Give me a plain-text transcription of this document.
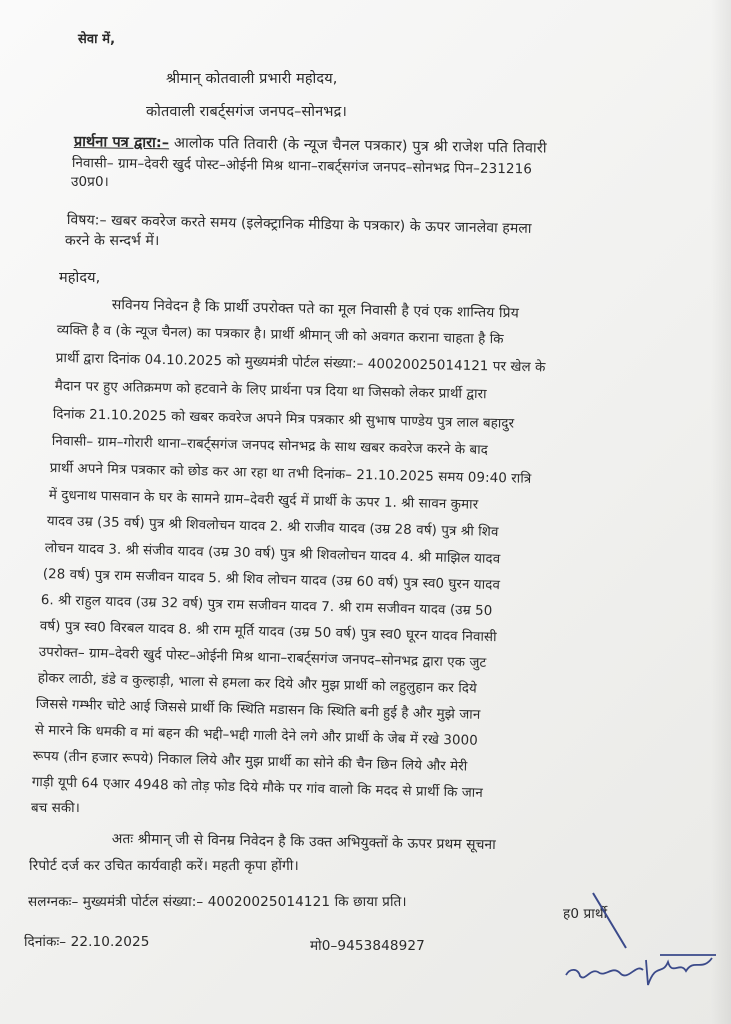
सेवा में,
श्रीमान् कोतवाली प्रभारी महोदय,
कोतवाली राबर्ट्सगंज जनपद–सोनभद्र।
प्रार्थना पत्र द्वारा:– आलोक पति तिवारी (के न्यूज चैनल पत्रकार) पुत्र श्री राजेश पति तिवारी
निवासी– ग्राम–देवरी खुर्द पोस्ट–ओईनी मिश्र थाना–राबर्ट्सगंज जनपद–सोनभद्र पिन–231216
उ0प्र0।
विषय:– खबर कवरेज करते समय (इलेक्ट्रानिक मीडिया के पत्रकार) के ऊपर जानलेवा हमला
करने के सन्दर्भ में।
महोदय,
सविनय निवेदन है कि प्रार्थी उपरोक्त पते का मूल निवासी है एवं एक शान्तिय प्रिय
व्यक्ति है व (के न्यूज चैनल) का पत्रकार है। प्रार्थी श्रीमान् जी को अवगत कराना चाहता है कि
प्रार्थी द्वारा दिनांक 04.10.2025 को मुख्यमंत्री पोर्टल संख्या:– 40020025014121 पर खेल के
मैदान पर हुए अतिक्रमण को हटवाने के लिए प्रार्थना पत्र दिया था जिसको लेकर प्रार्थी द्वारा
दिनांक 21.10.2025 को खबर कवरेज अपने मित्र पत्रकार श्री सुभाष पाण्डेय पुत्र लाल बहादुर
निवासी– ग्राम–गोरारी थाना–राबर्ट्सगंज जनपद सोनभद्र के साथ खबर कवरेज करने के बाद
प्रार्थी अपने मित्र पत्रकार को छोड कर आ रहा था तभी दिनांक– 21.10.2025 समय 09:40 रात्रि
में दुधनाथ पासवान के घर के सामने ग्राम–देवरी खुर्द में प्रार्थी के ऊपर 1. श्री सावन कुमार
यादव उम्र (35 वर्ष) पुत्र श्री शिवलोचन यादव 2. श्री राजीव यादव (उम्र 28 वर्ष) पुत्र श्री शिव
लोचन यादव 3. श्री संजीव यादव (उम्र 30 वर्ष) पुत्र श्री शिवलोचन यादव 4. श्री माझिल यादव
(28 वर्ष) पुत्र राम सजीवन यादव 5. श्री शिव लोचन यादव (उम्र 60 वर्ष) पुत्र स्व0 घुरन यादव
6. श्री राहुल यादव (उम्र 32 वर्ष) पुत्र राम सजीवन यादव 7. श्री राम सजीवन यादव (उम्र 50
वर्ष) पुत्र स्व0 विरबल यादव 8. श्री राम मूर्ति यादव (उम्र 50 वर्ष) पुत्र स्व0 घूरन यादव निवासी
उपरोक्त– ग्राम–देवरी खुर्द पोस्ट–ओईनी मिश्र थाना–राबर्ट्सगंज जनपद–सोनभद्र द्वारा एक जुट
होकर लाठी, डंडे व कुल्हाड़ी, भाला से हमला कर दिये और मुझ प्रार्थी को लहुलुहान कर दिये
जिससे गम्भीर चोटे आई जिससे प्रार्थी कि स्थिति मडासन कि स्थिति बनी हुई है और मुझे जान
से मारने कि धमकी व मां बहन की भद्दी–भद्दी गाली देने लगे और प्रार्थी के जेब में रखे 3000
रूपय (तीन हजार रूपये) निकाल लिये और मुझ प्रार्थी का सोने की चैन छिन लिये और मेरी
गाड़ी यूपी 64 एआर 4948 को तोड़ फोड दिये मौके पर गांव वालो कि मदद से प्रार्थी कि जान
बच सकी।
अतः श्रीमान् जी से विनम्र निवेदन है कि उक्त अभियुक्तों के ऊपर प्रथम सूचना
रिपोर्ट दर्ज कर उचित कार्यवाही करें। महती कृपा होंगी।
सलग्नकः– मुख्यमंत्री पोर्टल संख्या:– 40020025014121 कि छाया प्रति।
ह0 प्रार्थी
दिनांकः– 22.10.2025	मो0–9453848927
